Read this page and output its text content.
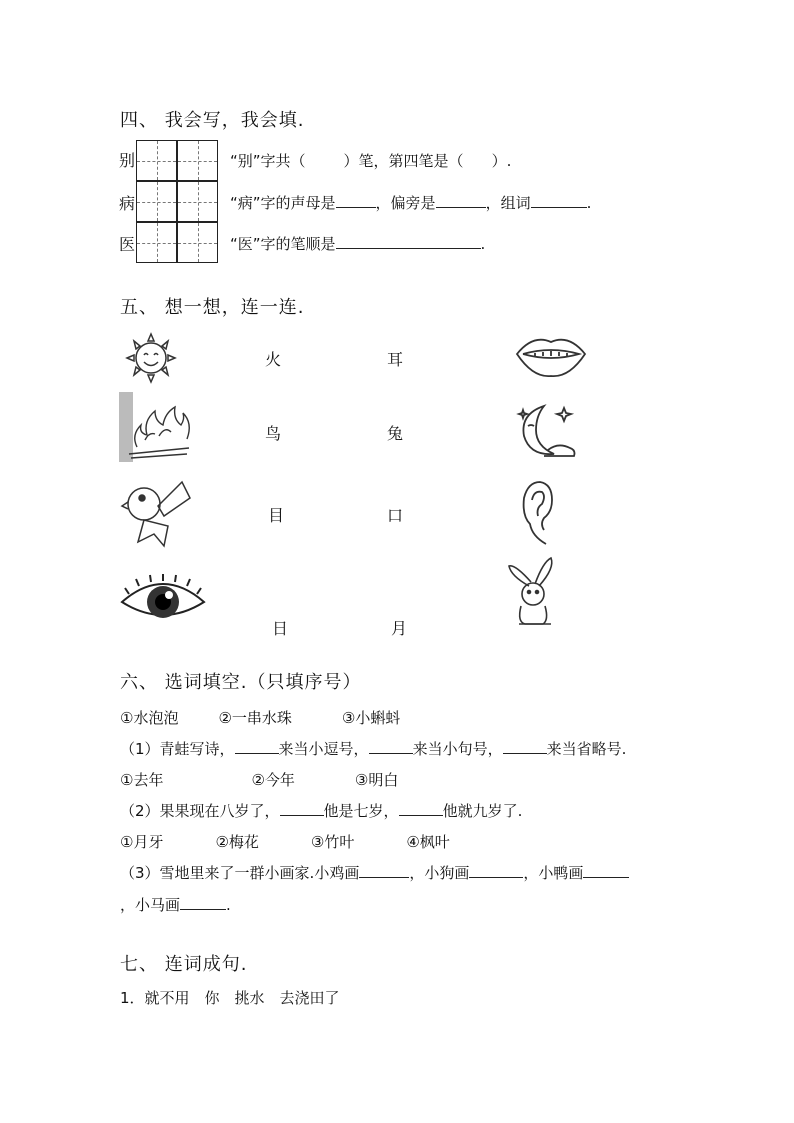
四、 我会写，我会填.
别	“别”字共（	）笔，第四笔是（ ）.
病	“病”字的声母是	，偏旁是	，组词	.
医	“医”字的笔顺是	.
五、 想一想，连一连.
火	耳
鸟	兔
目	口
日	月
六、 选词填空.（只填序号）
①水泡泡	②一串水珠	③小蝌蚪
（1）青蛙写诗，	来当小逗号，	来当小句号，	来当省略号.
①去年	②今年	③明白
（2）果果现在八岁了，	他是七岁，	他就九岁了.
①月牙	②梅花	③竹叶	④枫叶
（3）雪地里来了一群小画家.小鸡画	，小狗画	，小鸭画
，小马画	.
七、 连词成句.
1．就不用　你　挑水　去浇田了
